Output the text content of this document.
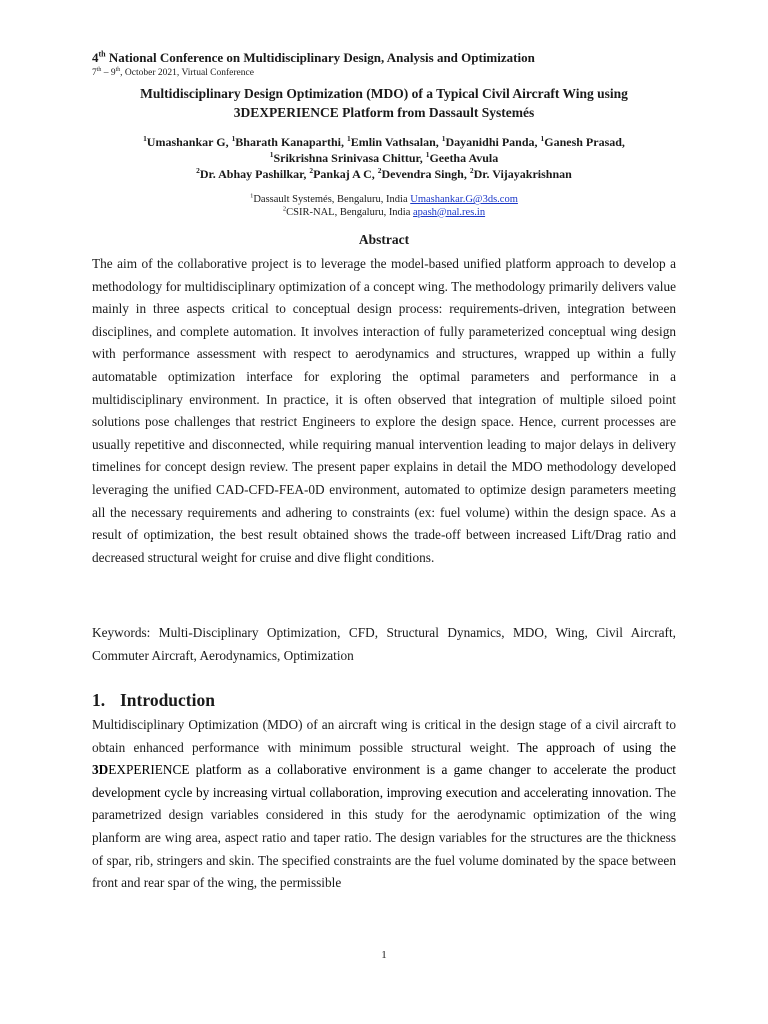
4th National Conference on Multidisciplinary Design, Analysis and Optimization
7th – 9th, October 2021, Virtual Conference
Multidisciplinary Design Optimization (MDO) of a Typical Civil Aircraft Wing using
3DEXPERIENCE Platform from Dassault Systemés
$^1$Umashankar G, $^1$Bharath Kanaparthi, $^1$Emlin Vathsalan, $^1$Dayanidhi Panda, $^1$Ganesh Prasad,
$^1$Srikrishna Srinivasa Chittur, $^1$Geetha Avula
$^2$Dr. Abhay Pashilkar, $^2$Pankaj A C, $^2$Devendra Singh, $^2$Dr. Vijayakrishnan
$^1$Dassault Systemés, Bengaluru, India Umashankar.G@3ds.com
$^2$CSIR-NAL, Bengaluru, India apash@nal.res.in
Abstract
The aim of the collaborative project is to leverage the model-based unified platform approach to develop a methodology for multidisciplinary optimization of a concept wing. The methodology primarily delivers value mainly in three aspects critical to conceptual design process: requirements-driven, integration between disciplines, and complete automation. It involves interaction of fully parameterized conceptual wing design with performance assessment with respect to aerodynamics and structures, wrapped up within a fully automatable optimization interface for exploring the optimal parameters and performance in a multidisciplinary environment. In practice, it is often observed that integration of multiple siloed point solutions pose challenges that restrict Engineers to explore the design space. Hence, current processes are usually repetitive and disconnected, while requiring manual intervention leading to major delays in delivery timelines for concept design review. The present paper explains in detail the MDO methodology developed leveraging the unified CAD-CFD-FEA-0D environment, automated to optimize design parameters meeting all the necessary requirements and adhering to constraints (ex: fuel volume) within the design space. As a result of optimization, the best result obtained shows the trade-off between increased Lift/Drag ratio and decreased structural weight for cruise and dive flight conditions.
Keywords: Multi-Disciplinary Optimization, CFD, Structural Dynamics, MDO, Wing, Civil Aircraft, Commuter Aircraft, Aerodynamics, Optimization
1. Introduction
Multidisciplinary Optimization (MDO) of an aircraft wing is critical in the design stage of a civil aircraft to obtain enhanced performance with minimum possible structural weight. The approach of using the 3DEXPERIENCE platform as a collaborative environment is a game changer to accelerate the product development cycle by increasing virtual collaboration, improving execution and accelerating innovation. The parametrized design variables considered in this study for the aerodynamic optimization of the wing planform are wing area, aspect ratio and taper ratio. The design variables for the structures are the thickness of spar, rib, stringers and skin. The specified constraints are the fuel volume dominated by the space between front and rear spar of the wing, the permissible
1
